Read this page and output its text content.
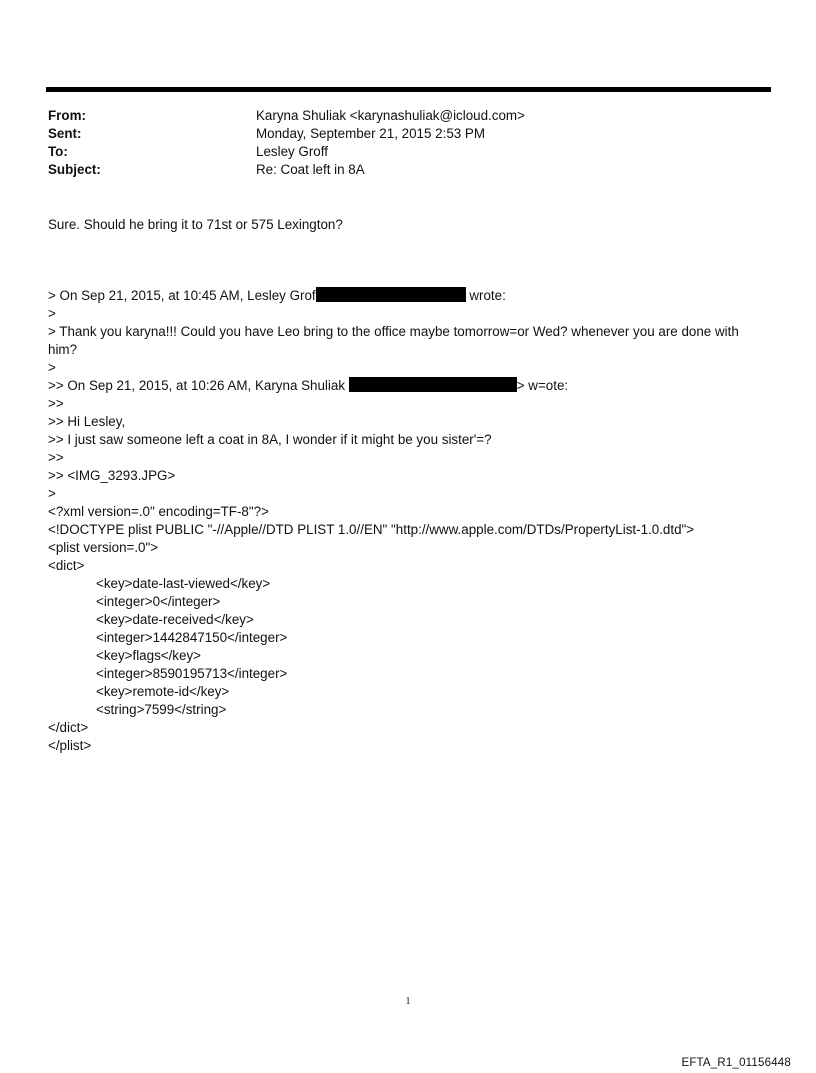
From:	Karyna Shuliak <karynashuliak@icloud.com>
Sent:	Monday, September 21, 2015 2:53 PM
To:	Lesley Groff
Subject:	Re: Coat left in 8A
Sure. Should he bring it to 71st or 575 Lexington?
> On Sep 21, 2015, at 10:45 AM, Lesley Grof	wrote:
>
> Thank you karyna!!! Could you have Leo bring to the office maybe tomorrow=or Wed? whenever you are done with him?
>
>> On Sep 21, 2015, at 10:26 AM, Karyna Shuliak	> w=ote:
>>
>> Hi Lesley,
>> I just saw someone left a coat in 8A, I wonder if it might be you sister'=?
>>
>> <IMG_3293.JPG>
>
<?xml version=.0" encoding=TF-8"?>
<!DOCTYPE plist PUBLIC "-//Apple//DTD PLIST 1.0//EN" "http://www.apple.com/DTDs/PropertyList-1.0.dtd">
<plist version=.0">
<dict>
<key>date-last-viewed</key>
<integer>0</integer>
<key>date-received</key>
<integer>1442847150</integer>
<key>flags</key>
<integer>8590195713</integer>
<key>remote-id</key>
<string>7599</string>
</dict>
</plist>
1
EFTA_R1_01156448
